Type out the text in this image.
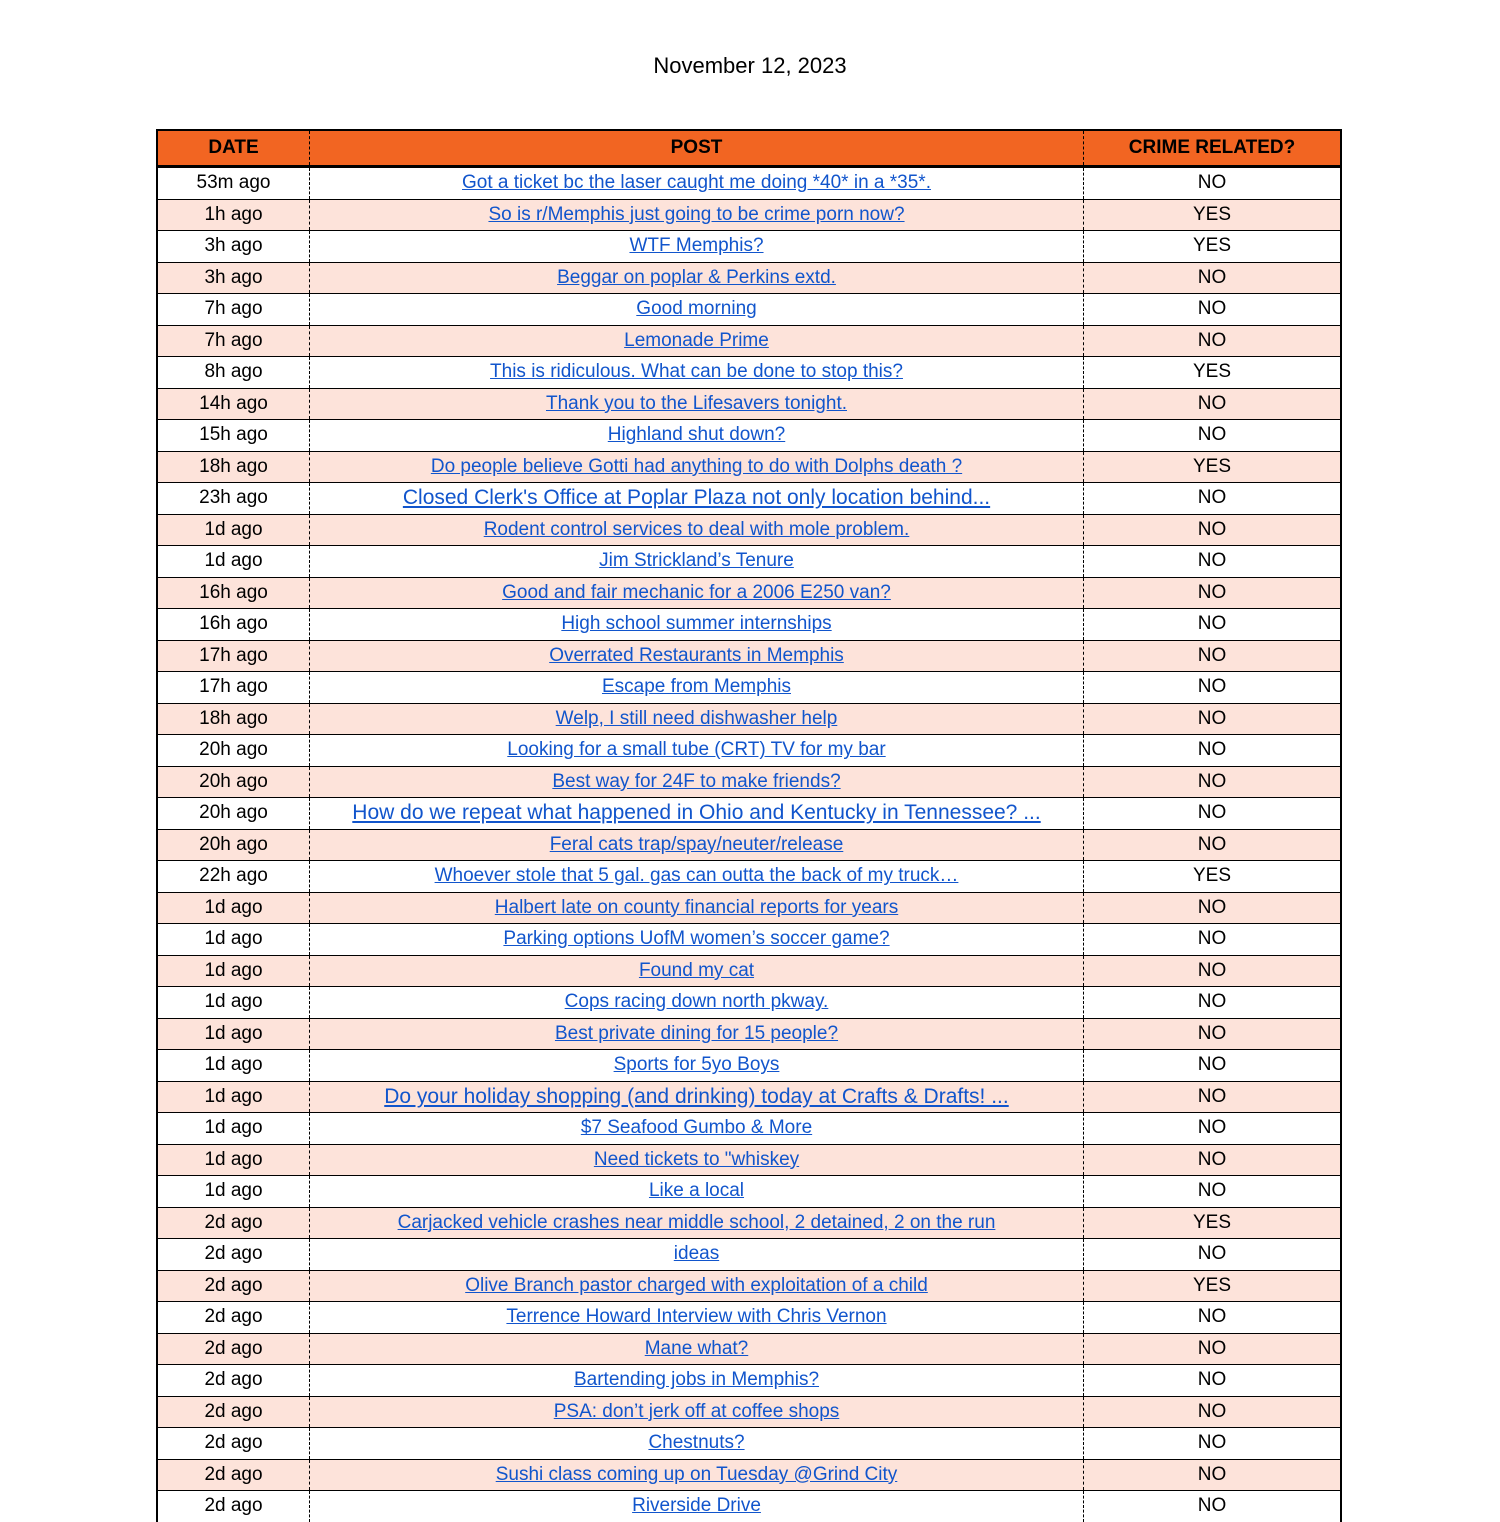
November 12, 2023
DATE	POST	CRIME RELATED?
53m ago	Got a ticket bc the laser caught me doing *40* in a *35*.	NO
1h ago	So is r/Memphis just going to be crime porn now?	YES
3h ago	WTF Memphis?	YES
3h ago	Beggar on poplar & Perkins extd.	NO
7h ago	Good morning	NO
7h ago	Lemonade Prime	NO
8h ago	This is ridiculous. What can be done to stop this?	YES
14h ago	Thank you to the Lifesavers tonight.	NO
15h ago	Highland shut down?	NO
18h ago	Do people believe Gotti had anything to do with Dolphs death ?	YES
23h ago	Closed Clerk's Office at Poplar Plaza not only location behind...	NO
1d ago	Rodent control services to deal with mole problem.	NO
1d ago	Jim Strickland’s Tenure	NO
16h ago	Good and fair mechanic for a 2006 E250 van?	NO
16h ago	High school summer internships	NO
17h ago	Overrated Restaurants in Memphis	NO
17h ago	Escape from Memphis	NO
18h ago	Welp, I still need dishwasher help	NO
20h ago	Looking for a small tube (CRT) TV for my bar	NO
20h ago	Best way for 24F to make friends?	NO
20h ago	How do we repeat what happened in Ohio and Kentucky in Tennessee? ...	NO
20h ago	Feral cats trap/spay/neuter/release	NO
22h ago	Whoever stole that 5 gal. gas can outta the back of my truck…	YES
1d ago	Halbert late on county financial reports for years	NO
1d ago	Parking options UofM women’s soccer game?	NO
1d ago	Found my cat	NO
1d ago	Cops racing down north pkway.	NO
1d ago	Best private dining for 15 people?	NO
1d ago	Sports for 5yo Boys	NO
1d ago	Do your holiday shopping (and drinking) today at Crafts & Drafts! ...	NO
1d ago	$7 Seafood Gumbo & More	NO
1d ago	Need tickets to "whiskey	NO
1d ago	Like a local	NO
2d ago	Carjacked vehicle crashes near middle school, 2 detained, 2 on the run	YES
2d ago	ideas	NO
2d ago	Olive Branch pastor charged with exploitation of a child	YES
2d ago	Terrence Howard Interview with Chris Vernon	NO
2d ago	Mane what?	NO
2d ago	Bartending jobs in Memphis?	NO
2d ago	PSA: don’t jerk off at coffee shops	NO
2d ago	Chestnuts?	NO
2d ago	Sushi class coming up on Tuesday @Grind City	NO
2d ago	Riverside Drive	NO
